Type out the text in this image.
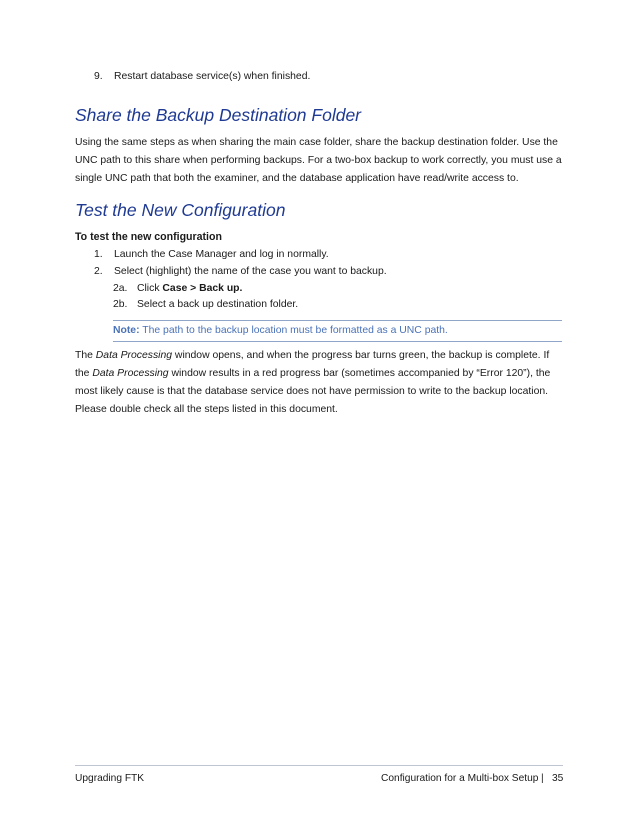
9. Restart database service(s) when finished.
Share the Backup Destination Folder
Using the same steps as when sharing the main case folder, share the backup destination folder. Use the UNC path to this share when performing backups. For a two-box backup to work correctly, you must use a single UNC path that both the examiner, and the database application have read/write access to.
Test the New Configuration
To test the new configuration
1. Launch the Case Manager and log in normally.
2. Select (highlight) the name of the case you want to backup.
2a. Click Case > Back up.
2b. Select a back up destination folder.
Note: The path to the backup location must be formatted as a UNC path.
The Data Processing window opens, and when the progress bar turns green, the backup is complete. If the Data Processing window results in a red progress bar (sometimes accompanied by “Error 120”), the most likely cause is that the database service does not have permission to write to the backup location. Please double check all the steps listed in this document.
Upgrading FTK	Configuration for a Multi-box Setup | 35
